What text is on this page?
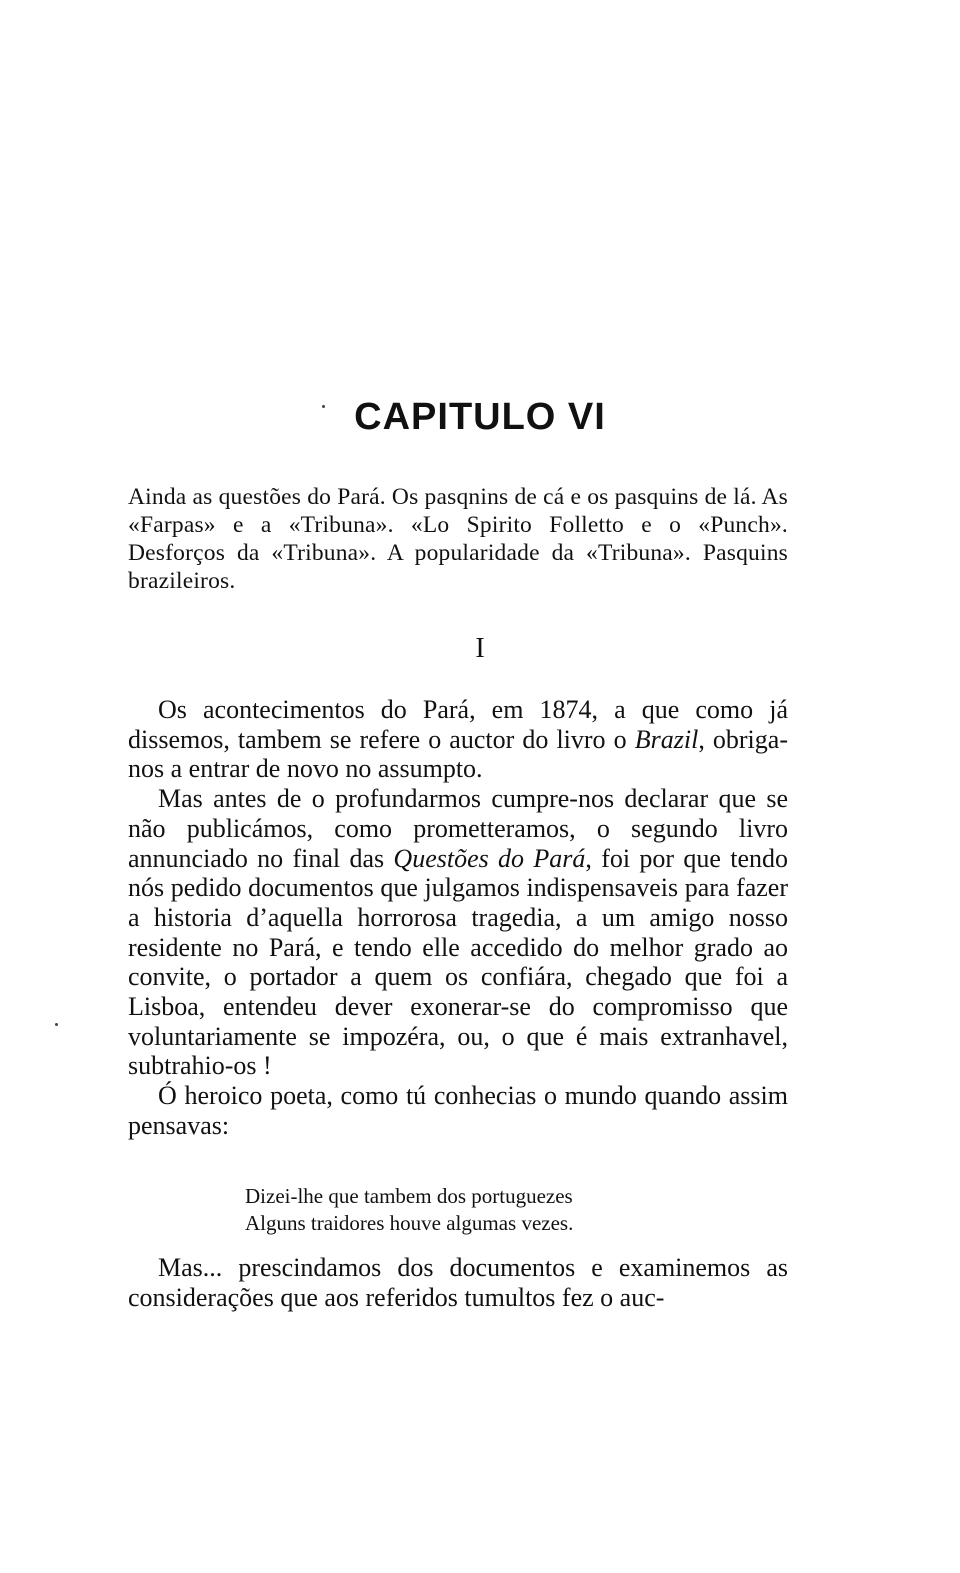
CAPITULO VI

Ainda as questões do Pará. Os pasqnins de cá e os pasquins de lá. As «Farpas» e a «Tribuna». «Lo Spirito Folletto e o «Punch». Desforços da «Tribuna». A popularidade da «Tribuna». Pasquins brazileiros.

I

Os acontecimentos do Pará, em 1874, a que como já dissemos, tambem se refere o auctor do livro o Brazil, obriga-nos a entrar de novo no assumpto.

Mas antes de o profundarmos cumpre-nos declarar que se não publicámos, como prometteramos, o segundo livro annunciado no final das Questões do Pará, foi por que tendo nós pedido documentos que julgamos indispensaveis para fazer a historia d’aquella horrorosa tragedia, a um amigo nosso residente no Pará, e tendo elle accedido do melhor grado ao convite, o portador a quem os confiára, chegado que foi a Lisboa, entendeu dever exonerar-se do compromisso que voluntariamente se impozéra, ou, o que é mais extranhavel, subtrahio-os !

Ó heroico poeta, como tú conhecias o mundo quando assim pensavas:

Dizei-lhe que tambem dos portuguezes
Alguns traidores houve algumas vezes.

Mas... prescindamos dos documentos e examinemos as considerações que aos referidos tumultos fez o auc-
